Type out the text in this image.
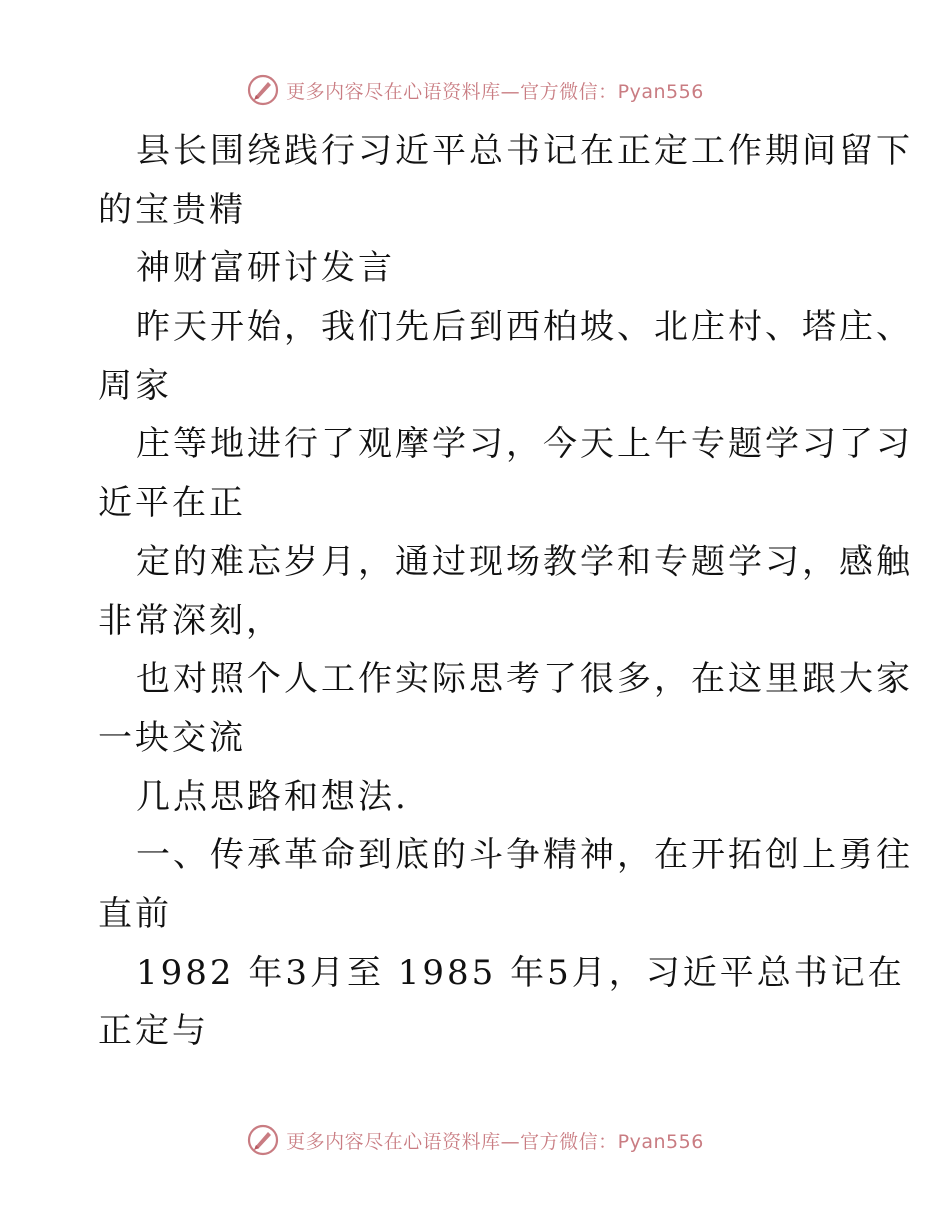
更多内容尽在心语资料库—官方微信：Pyan556
县长围绕践行习近平总书记在正定工作期间留下
的宝贵精
神财富研讨发言
昨天开始，我们先后到西柏坡、北庄村、塔庄、
周家
庄等地进行了观摩学习，今天上午专题学习了习
近平在正
定的难忘岁月，通过现场教学和专题学习，感触
非常深刻，
也对照个人工作实际思考了很多，在这里跟大家
一块交流
几点思路和想法.
一、传承革命到底的斗争精神，在开拓创上勇往
直前
1982 年3月至 1985 年5月，习近平总书记在
正定与
更多内容尽在心语资料库—官方微信：Pyan556
